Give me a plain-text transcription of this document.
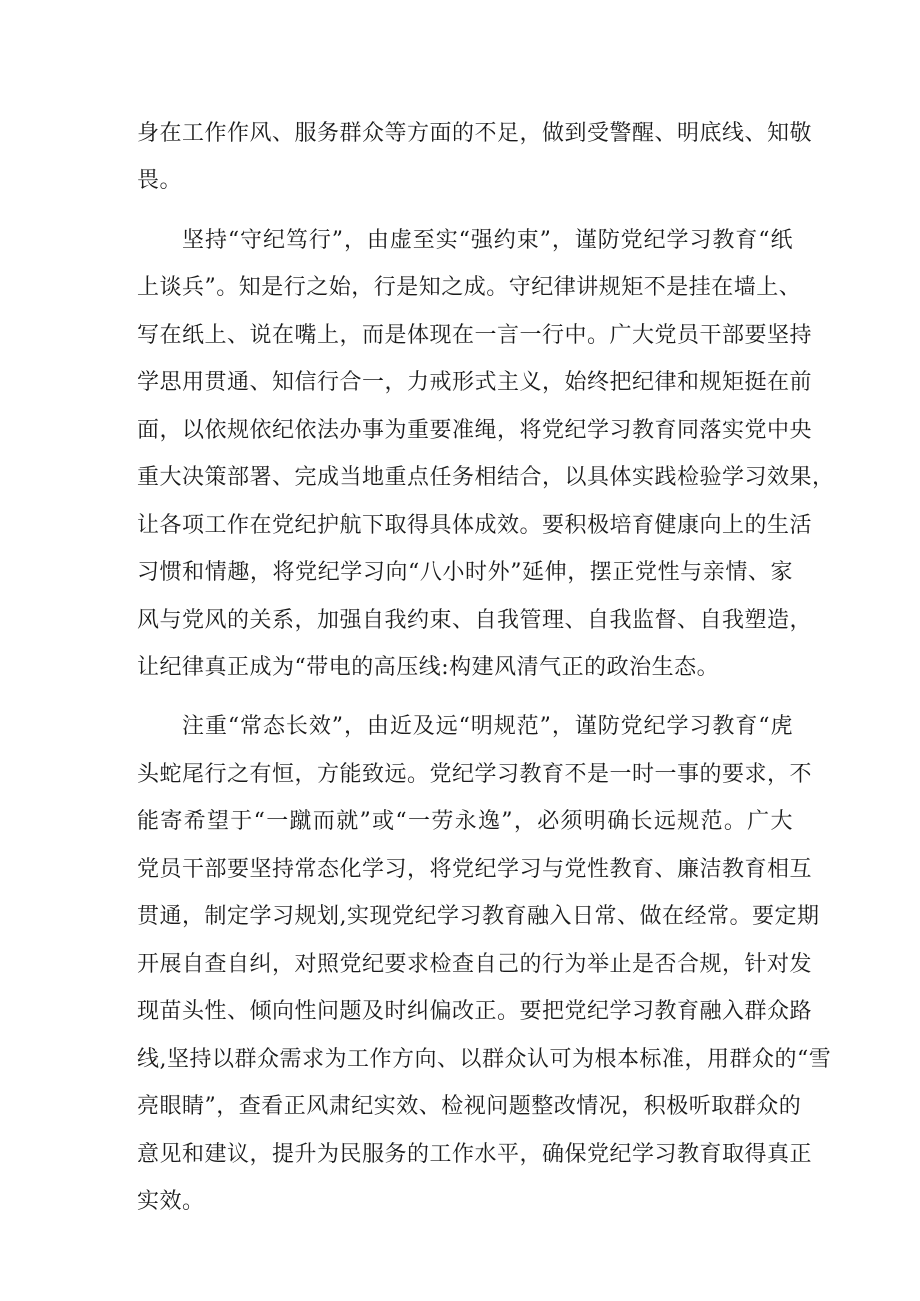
身在工作作风、服务群众等方面的不足，做到受警醒、明底线、知敬
畏。
坚持“守纪笃行”，由虚至实“强约束”，谨防党纪学习教育“纸
上谈兵”。知是行之始，行是知之成。守纪律讲规矩不是挂在墙上、
写在纸上、说在嘴上，而是体现在一言一行中。广大党员干部要坚持
学思用贯通、知信行合一，力戒形式主义，始终把纪律和规矩挺在前
面，以依规依纪依法办事为重要准绳，将党纪学习教育同落实党中央
重大决策部署、完成当地重点任务相结合，以具体实践检验学习效果，
让各项工作在党纪护航下取得具体成效。要积极培育健康向上的生活
习惯和情趣，将党纪学习向“八小时外”延伸，摆正党性与亲情、家
风与党风的关系，加强自我约束、自我管理、自我监督、自我塑造，
让纪律真正成为“带电的高压线:构建风清气正的政治生态。
注重“常态长效”，由近及远“明规范”，谨防党纪学习教育“虎
头蛇尾行之有恒，方能致远。党纪学习教育不是一时一事的要求，不
能寄希望于“一蹴而就”或“一劳永逸”，必须明确长远规范。广大
党员干部要坚持常态化学习，将党纪学习与党性教育、廉洁教育相互
贯通，制定学习规划,实现党纪学习教育融入日常、做在经常。要定期
开展自查自纠，对照党纪要求检查自己的行为举止是否合规，针对发
现苗头性、倾向性问题及时纠偏改正。要把党纪学习教育融入群众路
线,坚持以群众需求为工作方向、以群众认可为根本标准，用群众的“雪
亮眼睛”，查看正风肃纪实效、检视问题整改情况，积极听取群众的
意见和建议，提升为民服务的工作水平，确保党纪学习教育取得真正
实效。
